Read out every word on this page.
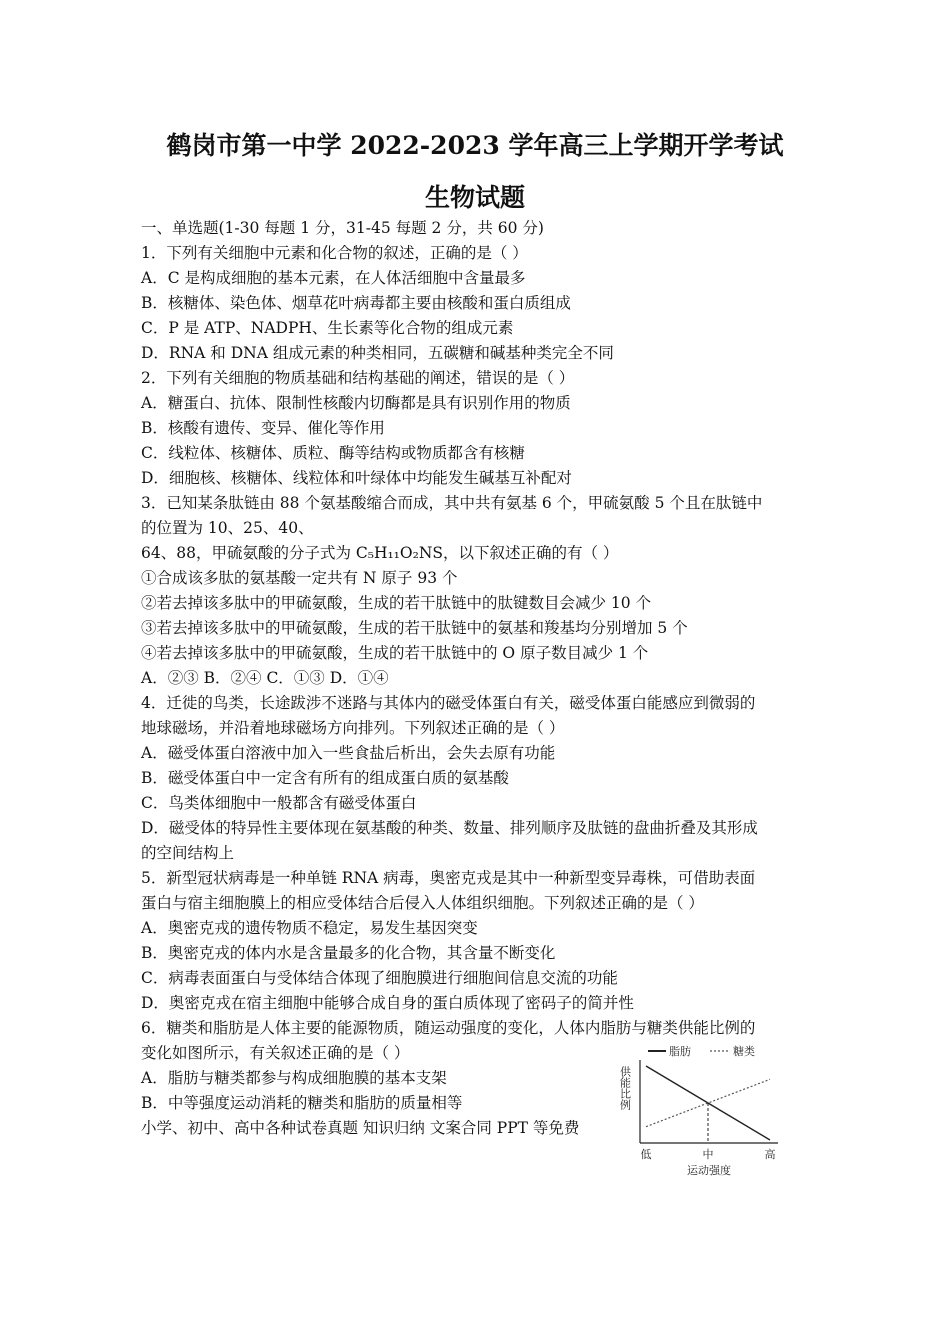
鹤岗市第一中学 2022-2023 学年高三上学期开学考试
生物试题
一、单选题(1-30 每题 1 分，31-45 每题 2 分，共 60 分)
1．下列有关细胞中元素和化合物的叙述，正确的是（ ）
A．C 是构成细胞的基本元素，在人体活细胞中含量最多
B．核糖体、染色体、烟草花叶病毒都主要由核酸和蛋白质组成
C．P 是 ATP、NADPH、生长素等化合物的组成元素
D．RNA 和 DNA 组成元素的种类相同，五碳糖和碱基种类完全不同
2．下列有关细胞的物质基础和结构基础的阐述，错误的是（ ）
A．糖蛋白、抗体、限制性核酸内切酶都是具有识别作用的物质
B．核酸有遗传、变异、催化等作用
C．线粒体、核糖体、质粒、酶等结构或物质都含有核糖
D．细胞核、核糖体、线粒体和叶绿体中均能发生碱基互补配对
3．已知某条肽链由 88 个氨基酸缩合而成，其中共有氨基 6 个，甲硫氨酸 5 个且在肽链中
的位置为 10、25、40、
64、88，甲硫氨酸的分子式为 C₅H₁₁O₂NS，以下叙述正确的有（ ）
①合成该多肽的氨基酸一定共有 N 原子 93 个
②若去掉该多肽中的甲硫氨酸，生成的若干肽链中的肽键数目会减少 10 个
③若去掉该多肽中的甲硫氨酸，生成的若干肽链中的氨基和羧基均分别增加 5 个
④若去掉该多肽中的甲硫氨酸，生成的若干肽链中的 O 原子数目减少 1 个
A．②③ B．②④ C．①③ D．①④
4．迁徙的鸟类，长途跋涉不迷路与其体内的磁受体蛋白有关，磁受体蛋白能感应到微弱的
地球磁场，并沿着地球磁场方向排列。下列叙述正确的是（ ）
A．磁受体蛋白溶液中加入一些食盐后析出，会失去原有功能
B．磁受体蛋白中一定含有所有的组成蛋白质的氨基酸
C．鸟类体细胞中一般都含有磁受体蛋白
D．磁受体的特异性主要体现在氨基酸的种类、数量、排列顺序及肽链的盘曲折叠及其形成
的空间结构上
5．新型冠状病毒是一种单链 RNA 病毒，奥密克戎是其中一种新型变异毒株，可借助表面
蛋白与宿主细胞膜上的相应受体结合后侵入人体组织细胞。下列叙述正确的是（ ）
A．奥密克戎的遗传物质不稳定，易发生基因突变
B．奥密克戎的体内水是含量最多的化合物，其含量不断变化
C．病毒表面蛋白与受体结合体现了细胞膜进行细胞间信息交流的功能
D．奥密克戎在宿主细胞中能够合成自身的蛋白质体现了密码子的简并性
6．糖类和脂肪是人体主要的能源物质，随运动强度的变化，人体内脂肪与糖类供能比例的
变化如图所示，有关叙述正确的是（ ）
A．脂肪与糖类都参与构成细胞膜的基本支架
B．中等强度运动消耗的糖类和脂肪的质量相等
小学、初中、高中各种试卷真题 知识归纳 文案合同 PPT 等免费
脂肪	糖类
供能比例
低	中	高
运动强度
